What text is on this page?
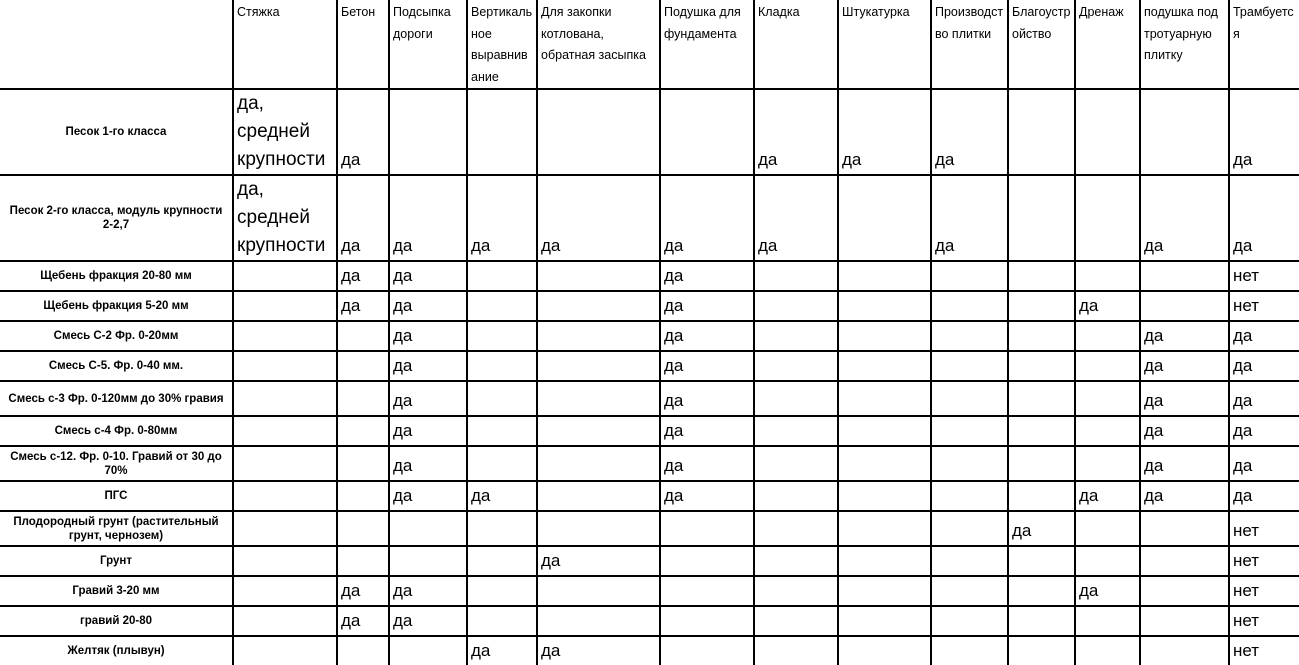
	Стяжка	Бетон	Подсыпка дороги	Вертикальное выравнивание	Для закопки котлована, обратная засыпка	Подушка для фундамента	Кладка	Штукатурка	Производство плитки	Благоустройство	Дренаж	подушка под тротуарную плитку	Трамбуется
Песок 1-го класса	да, средней крупности	да					да	да	да				да
Песок 2-го класса, модуль крупности 2-2,7	да, средней крупности	да	да	да	да	да	да		да			да	да
Щебень фракция 20-80 мм		да	да			да							нет
Щебень фракция 5-20 мм		да	да			да					да		нет
Смесь С-2 Фр. 0-20мм			да			да						да	да
Смесь С-5. Фр. 0-40 мм.			да			да						да	да
Смесь с-3 Фр. 0-120мм до 30% гравия			да			да						да	да
Смесь с-4 Фр. 0-80мм			да			да						да	да
Смесь с-12. Фр. 0-10. Гравий от 30 до 70%			да			да						да	да
ПГС			да	да		да					да	да	да
Плодородный грунт (растительный грунт, чернозем)										да			нет
Грунт					да								нет
Гравий 3-20 мм		да	да								да		нет
гравий 20-80		да	да										нет
Желтяк (плывун)				да	да								нет
